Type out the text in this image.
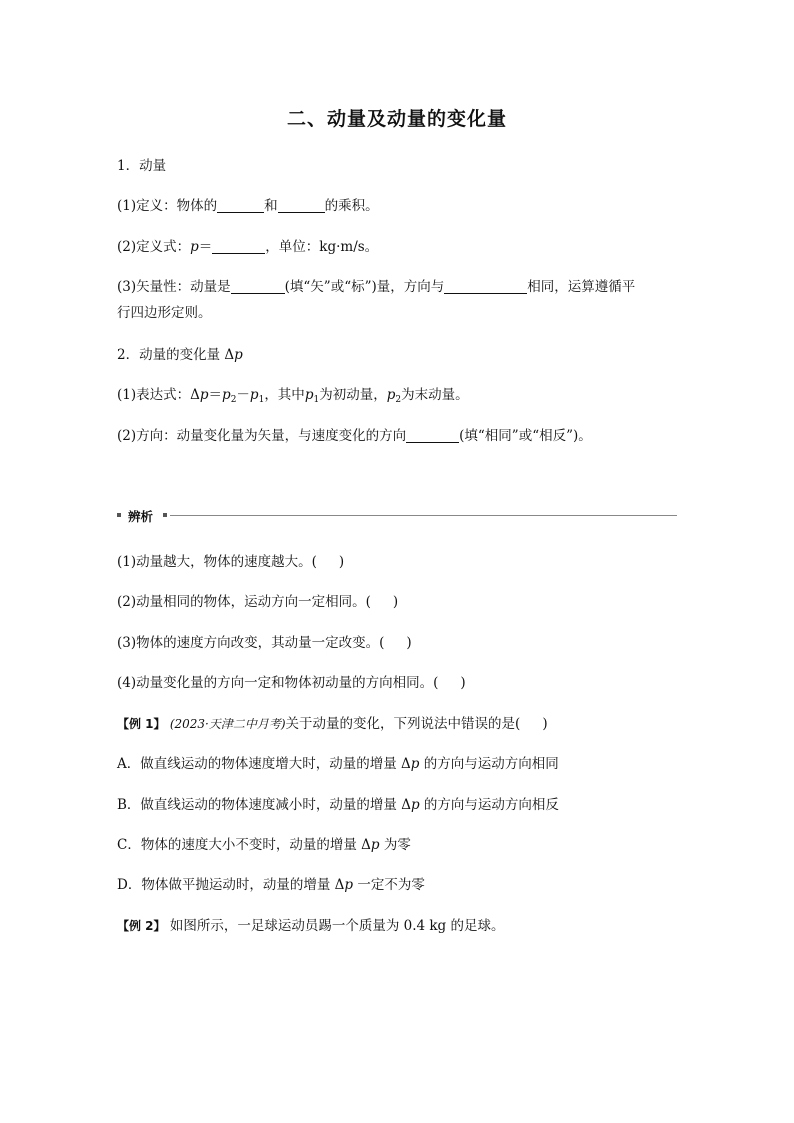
二、动量及动量的变化量
1．动量
(1)定义：物体的	和	的乘积。
(2)定义式：p＝	，单位：kg·m/s。
(3)矢量性：动量是	(填“矢”或“标”)量，方向与	相同，运算遵循平
行四边形定则。
2．动量的变化量 Δp
(1)表达式：$\Delta p=p_2-p_1$，其中$p_1$为初动量，$p_2$为末动量。
(2)方向：动量变化量为矢量，与速度变化的方向	(填“相同”或“相反”)。
辨析
(1)动量越大，物体的速度越大。( )
(2)动量相同的物体，运动方向一定相同。( )
(3)物体的速度方向改变，其动量一定改变。( )
(4)动量变化量的方向一定和物体初动量的方向相同。( )
【例 1】 (2023·天津二中月考)关于动量的变化，下列说法中错误的是( )
A．做直线运动的物体速度增大时，动量的增量 Δp 的方向与运动方向相同
B．做直线运动的物体速度减小时，动量的增量 Δp 的方向与运动方向相反
C．物体的速度大小不变时，动量的增量 Δp 为零
D．物体做平抛运动时，动量的增量 Δp 一定不为零
【例 2】 如图所示，一足球运动员踢一个质量为 0.4 kg 的足球。
